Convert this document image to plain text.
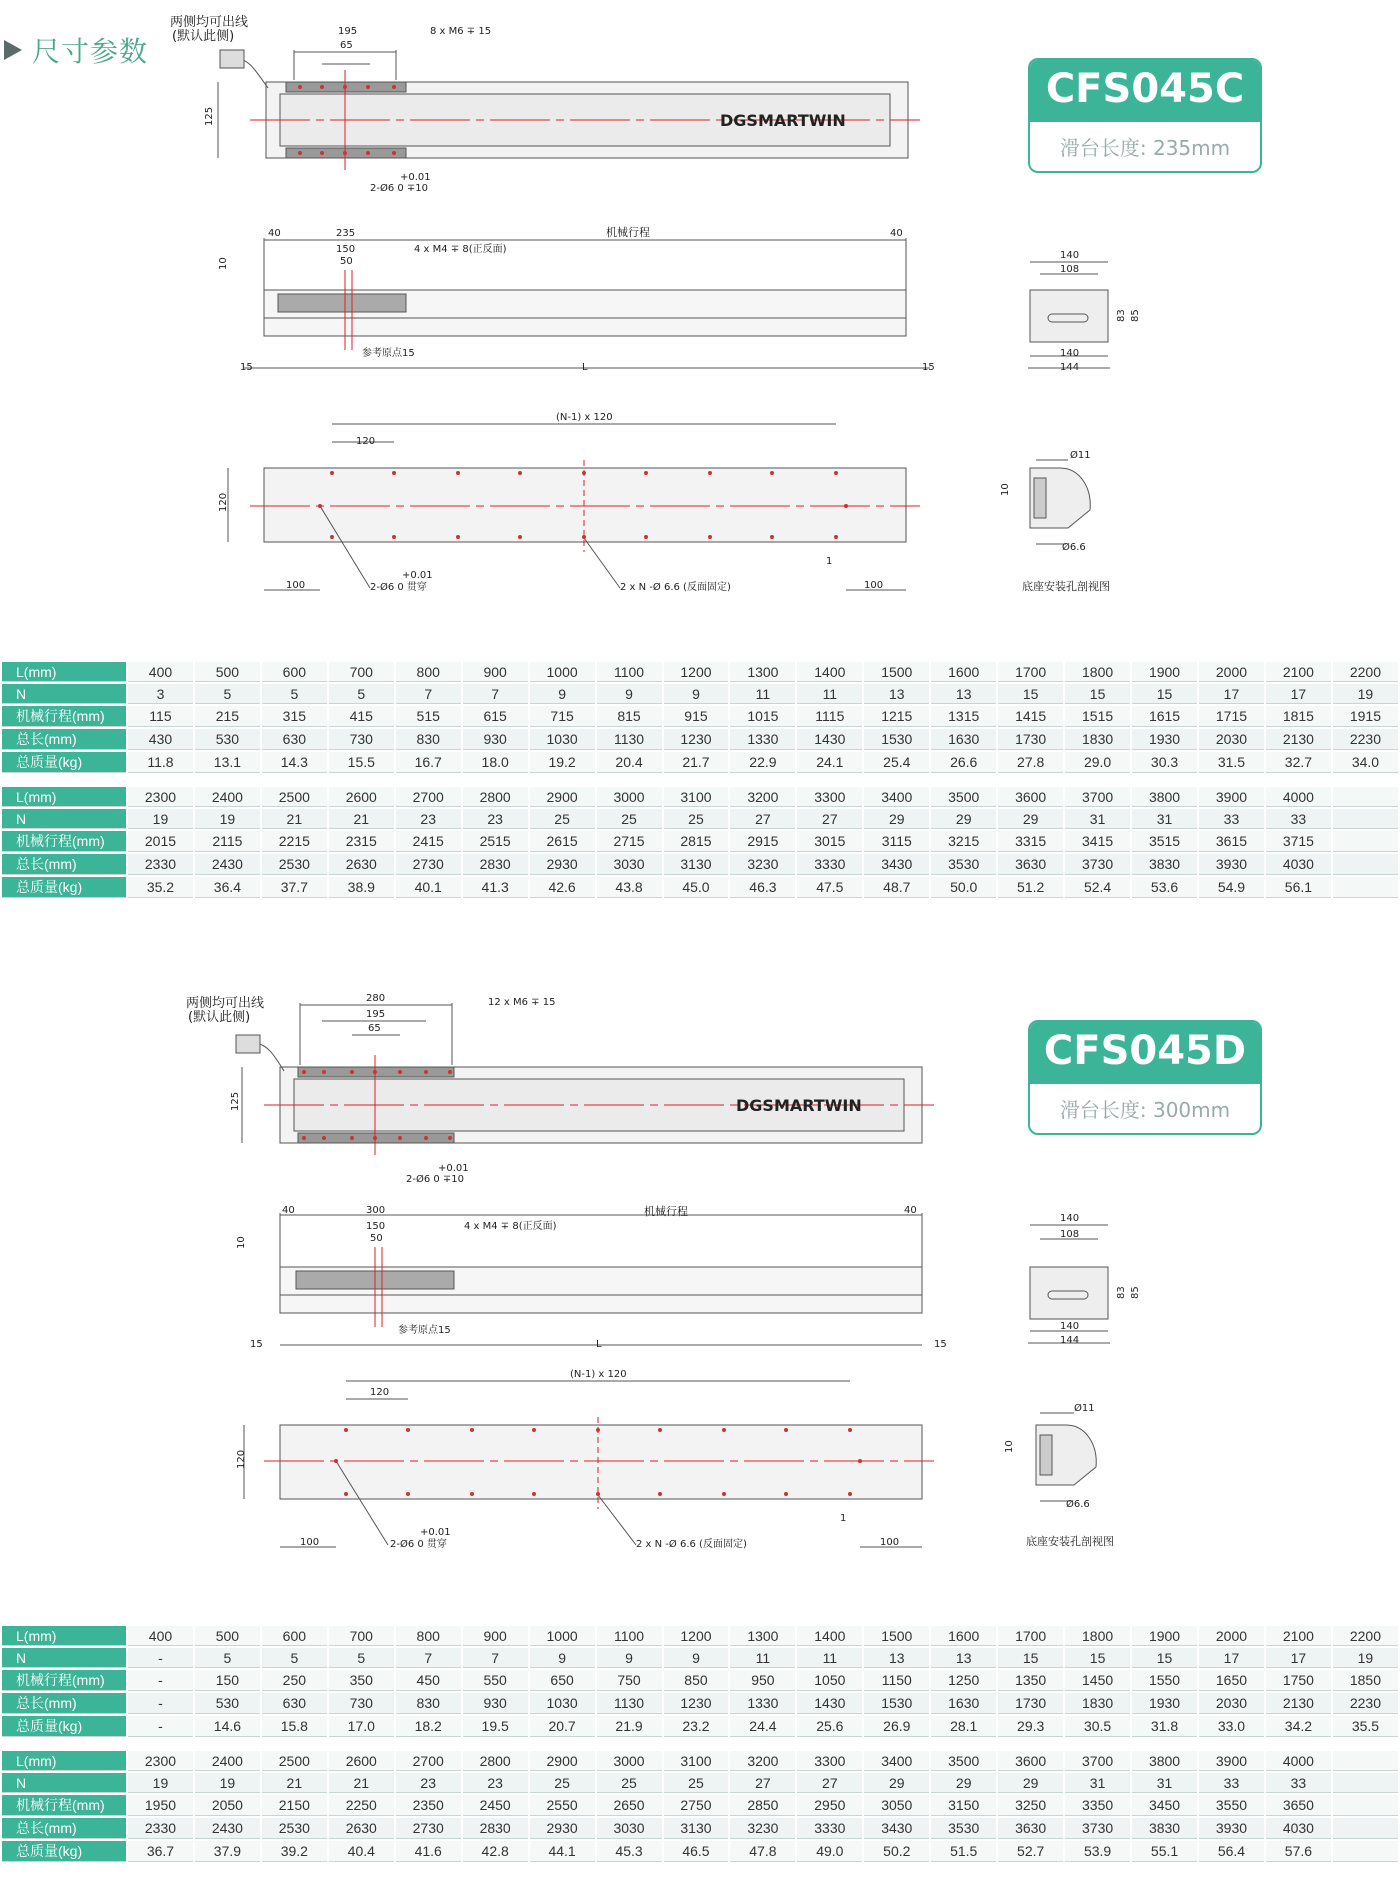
尺寸参数
CFS045C
滑台长度: 235mm
两侧均可出线
(默认此侧)	195
65
8 x M6 ∓ 15
125
+0.01
2-Ø6 0 ∓10
DGSMARTWIN
40	235
150
50
4 x M4 ∓ 8(正反面)
机械行程	40
10
参考原点15
15	L	15
140
108
83 85
140
144
(N-1) x 120
120
120
100
+0.01
2-Ø6 0 贯穿	2 x N -Ø 6.6 (反面固定)
1
100
Ø11
10
Ø6.6
底座安装孔剖视图
L(mm)	400	500	600	700	800	900	1000	1100	1200	1300	1400	1500	1600	1700	1800	1900	2000	2100	2200
N	3	5	5	5	7	7	9	9	9	11	11	13	13	15	15	15	17	17	19
机械行程(mm)	115	215	315	415	515	615	715	815	915	1015	1115	1215	1315	1415	1515	1615	1715	1815	1915
总长(mm)	430	530	630	730	830	930	1030	1130	1230	1330	1430	1530	1630	1730	1830	1930	2030	2130	2230
总质量(kg)	11.8	13.1	14.3	15.5	16.7	18.0	19.2	20.4	21.7	22.9	24.1	25.4	26.6	27.8	29.0	30.3	31.5	32.7	34.0
L(mm)	2300	2400	2500	2600	2700	2800	2900	3000	3100	3200	3300	3400	3500	3600	3700	3800	3900	4000	
N	19	19	21	21	23	23	25	25	25	27	27	29	29	29	31	31	33	33	
机械行程(mm)	2015	2115	2215	2315	2415	2515	2615	2715	2815	2915	3015	3115	3215	3315	3415	3515	3615	3715	
总长(mm)	2330	2430	2530	2630	2730	2830	2930	3030	3130	3230	3330	3430	3530	3630	3730	3830	3930	4030	
总质量(kg)	35.2	36.4	37.7	38.9	40.1	41.3	42.6	43.8	45.0	46.3	47.5	48.7	50.0	51.2	52.4	53.6	54.9	56.1	
CFS045D
滑台长度: 300mm
两侧均可出线
(默认此侧)
280
195
65
12 x M6 ∓ 15
125
+0.01
2-Ø6 0 ∓10
DGSMARTWIN
40	300
150
50
4 x M4 ∓ 8(正反面)
机械行程	40
10
参考原点15
15	L	15
140
108
83 85
140
144
(N-1) x 120
120
120
100
+0.01
2-Ø6 0 贯穿	2 x N -Ø 6.6 (反面固定)
1
100
Ø11
10
Ø6.6
底座安装孔剖视图
L(mm)	400	500	600	700	800	900	1000	1100	1200	1300	1400	1500	1600	1700	1800	1900	2000	2100	2200
N	-	5	5	5	7	7	9	9	9	11	11	13	13	15	15	15	17	17	19
机械行程(mm)	-	150	250	350	450	550	650	750	850	950	1050	1150	1250	1350	1450	1550	1650	1750	1850
总长(mm)	-	530	630	730	830	930	1030	1130	1230	1330	1430	1530	1630	1730	1830	1930	2030	2130	2230
总质量(kg)	-	14.6	15.8	17.0	18.2	19.5	20.7	21.9	23.2	24.4	25.6	26.9	28.1	29.3	30.5	31.8	33.0	34.2	35.5
L(mm)	2300	2400	2500	2600	2700	2800	2900	3000	3100	3200	3300	3400	3500	3600	3700	3800	3900	4000	
N	19	19	21	21	23	23	25	25	25	27	27	29	29	29	31	31	33	33	
机械行程(mm)	1950	2050	2150	2250	2350	2450	2550	2650	2750	2850	2950	3050	3150	3250	3350	3450	3550	3650	
总长(mm)	2330	2430	2530	2630	2730	2830	2930	3030	3130	3230	3330	3430	3530	3630	3730	3830	3930	4030	
总质量(kg)	36.7	37.9	39.2	40.4	41.6	42.8	44.1	45.3	46.5	47.8	49.0	50.2	51.5	52.7	53.9	55.1	56.4	57.6	
